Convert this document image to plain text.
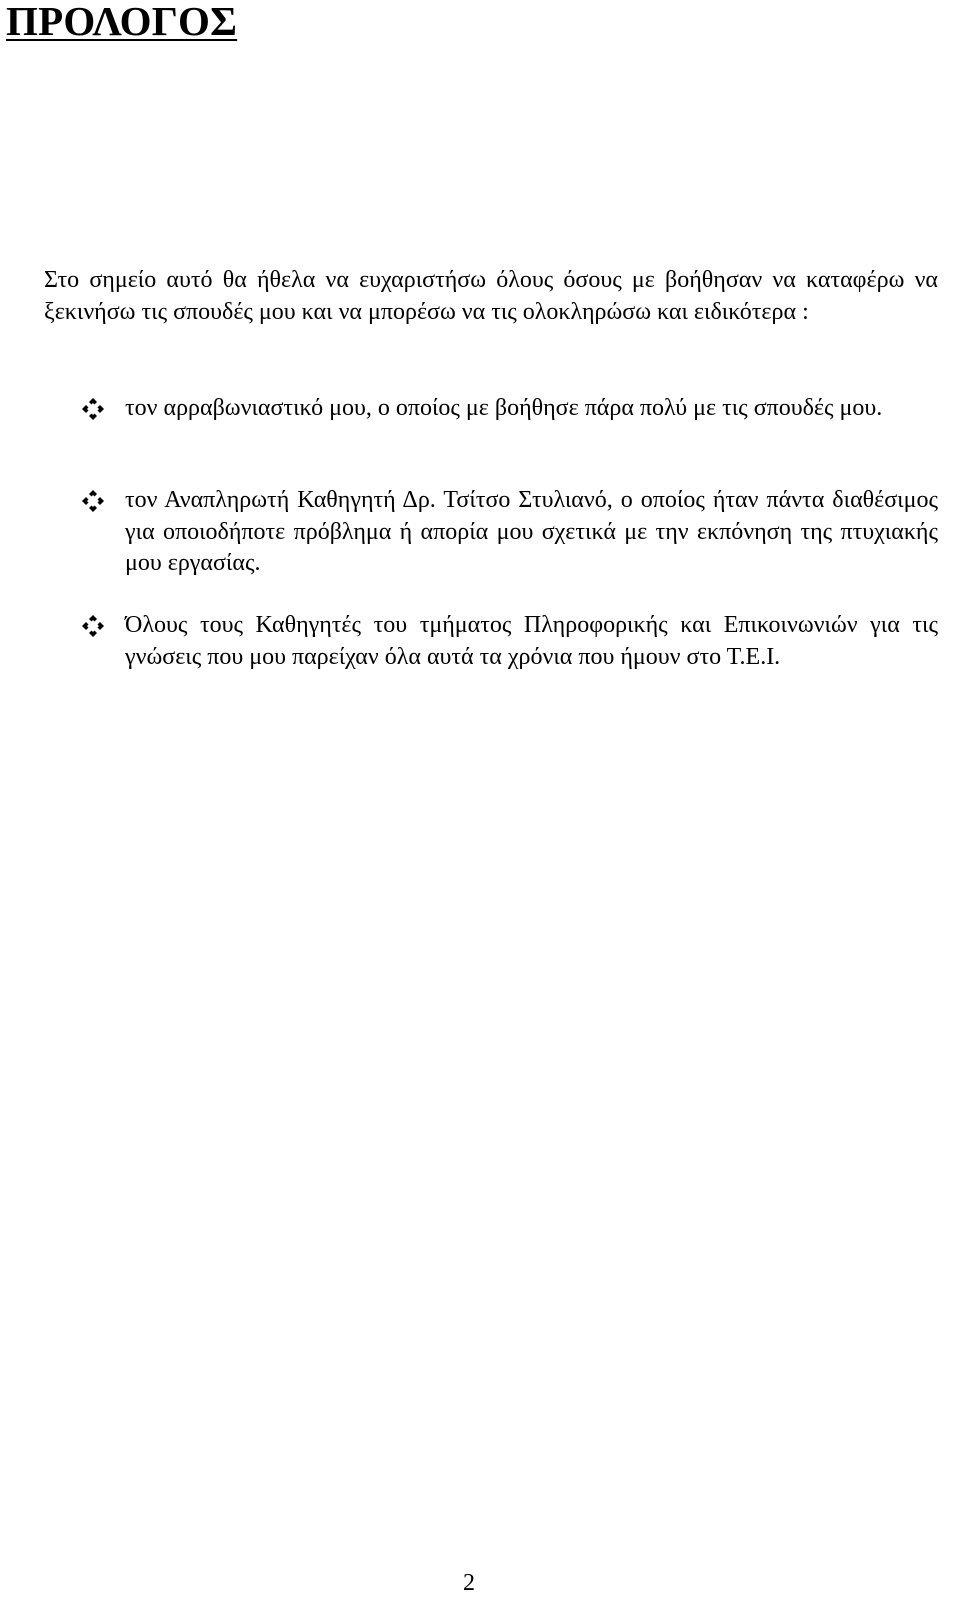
ΠΡΟΛΟΓΟΣ

Στο σημείο αυτό θα ήθελα να ευχαριστήσω όλους όσους με βοήθησαν να καταφέρω να ξεκινήσω τις σπουδές μου και να μπορέσω να τις ολοκληρώσω και ειδικότερα :

τον αρραβωνιαστικό μου, ο οποίος με βοήθησε πάρα πολύ με τις σπουδές μου.
τον Αναπληρωτή Καθηγητή Δρ. Τσίτσο Στυλιανό, ο οποίος ήταν πάντα διαθέσιμος για οποιοδήποτε πρόβλημα ή απορία μου σχετικά με την εκπόνηση της πτυχιακής μου εργασίας.
Όλους τους Καθηγητές του τμήματος Πληροφορικής και Επικοινωνιών για τις γνώσεις που μου παρείχαν όλα αυτά τα χρόνια που ήμουν στο Τ.Ε.Ι.
2
